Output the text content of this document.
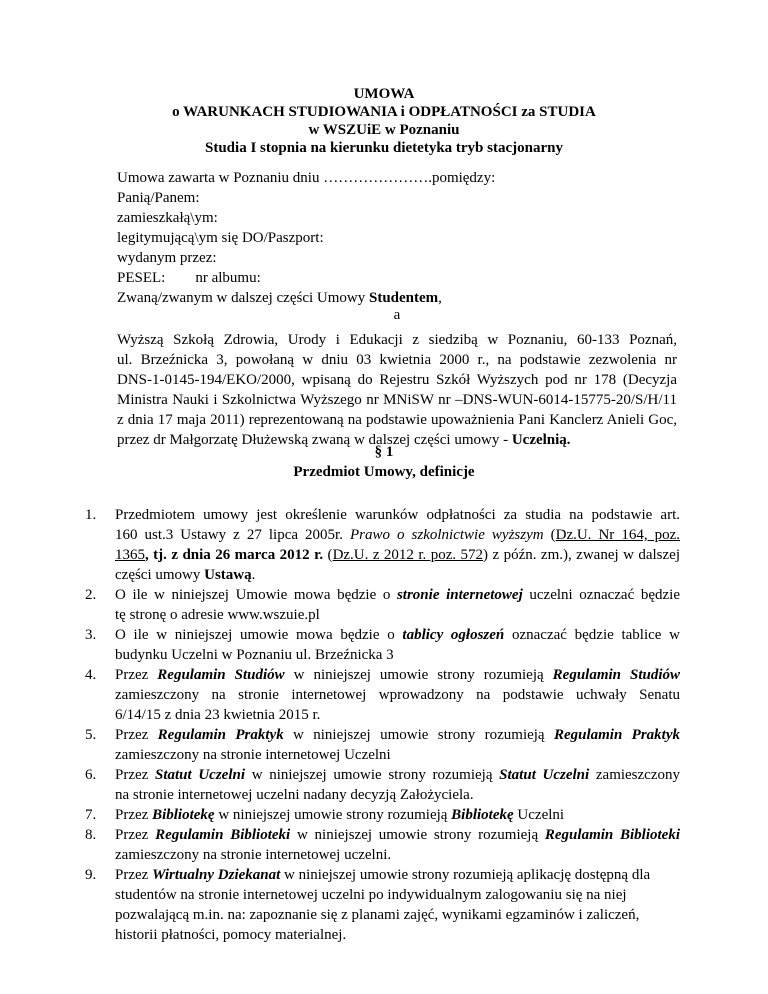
UMOWA
o WARUNKACH STUDIOWANIA i ODPŁATNOŚCI za STUDIA
w WSZUiE w Poznaniu
Studia I stopnia na kierunku dietetyka tryb stacjonarny
Umowa zawarta w Poznaniu dniu ………………….pomiędzy:
Panią/Panem:
zamieszkałą\ym:
legitymującą\ym się DO/Paszport:
wydanym przez:
PESEL: nr albumu:
Zwaną/zwanym w dalszej części Umowy Studentem,
a
Wyższą Szkołą Zdrowia, Urody i Edukacji z siedzibą w Poznaniu, 60-133 Poznań,
ul. Brzeźnicka 3, powołaną w dniu 03 kwietnia 2000 r., na podstawie zezwolenia nr
DNS-1-0145-194/EKO/2000, wpisaną do Rejestru Szkół Wyższych pod nr 178 (Decyzja
Ministra Nauki i Szkolnictwa Wyższego nr MNiSW nr –DNS-WUN-6014-15775-20/S/H/11
z dnia 17 maja 2011) reprezentowaną na podstawie upoważnienia Pani Kanclerz Anieli Goc,
przez dr Małgorzatę Dłużewską zwaną w dalszej części umowy - Uczelnią.
§ 1
Przedmiot Umowy, definicje
1.	Przedmiotem umowy jest określenie warunków odpłatności za studia na podstawie art.
160 ust.3 Ustawy z 27 lipca 2005r. Prawo o szkolnictwie wyższym (Dz.U. Nr 164, poz.
1365, tj. z dnia 26 marca 2012 r. (Dz.U. z 2012 r. poz. 572) z późn. zm.), zwanej w dalszej
części umowy Ustawą.
2.	O ile w niniejszej Umowie mowa będzie o stronie internetowej uczelni oznaczać będzie
tę stronę o adresie www.wszuie.pl
3.	O ile w niniejszej umowie mowa będzie o tablicy ogłoszeń oznaczać będzie tablice w
budynku Uczelni w Poznaniu ul. Brzeźnicka 3
4.	Przez Regulamin Studiów w niniejszej umowie strony rozumieją Regulamin Studiów
zamieszczony na stronie internetowej wprowadzony na podstawie uchwały Senatu
6/14/15 z dnia 23 kwietnia 2015 r.
5.	Przez Regulamin Praktyk w niniejszej umowie strony rozumieją Regulamin Praktyk
zamieszczony na stronie internetowej Uczelni
6.	Przez Statut Uczelni w niniejszej umowie strony rozumieją Statut Uczelni zamieszczony
na stronie internetowej uczelni nadany decyzją Założyciela.
7.	Przez Bibliotekę w niniejszej umowie strony rozumieją Bibliotekę Uczelni
8.	Przez Regulamin Biblioteki w niniejszej umowie strony rozumieją Regulamin Biblioteki
zamieszczony na stronie internetowej uczelni.
9.	Przez Wirtualny Dziekanat w niniejszej umowie strony rozumieją aplikację dostępną dla
studentów na stronie internetowej uczelni po indywidualnym zalogowaniu się na niej
pozwalającą m.in. na: zapoznanie się z planami zajęć, wynikami egzaminów i zaliczeń,
historii płatności, pomocy materialnej.
